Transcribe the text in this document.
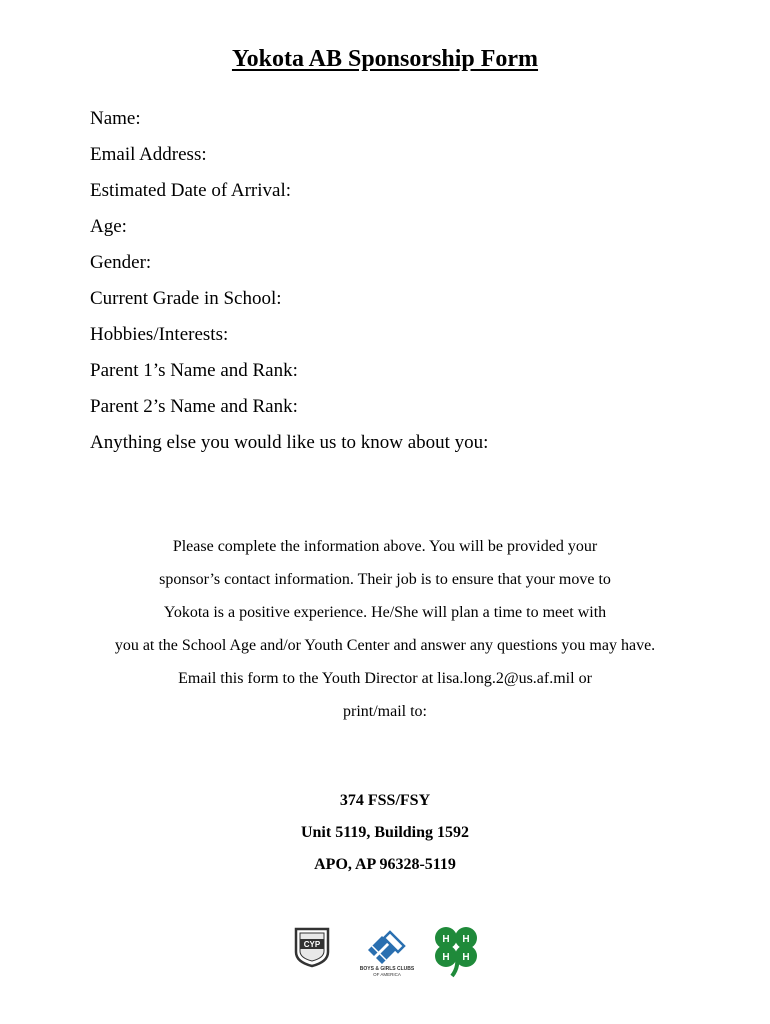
Yokota AB Sponsorship Form
Name:
Email Address:
Estimated Date of Arrival:
Age:
Gender:
Current Grade in School:
Hobbies/Interests:
Parent 1’s Name and Rank:
Parent 2’s Name and Rank:
Anything else you would like us to know about you:
Please complete the information above. You will be provided your
sponsor’s contact information. Their job is to ensure that your move to
Yokota is a positive experience. He/She will plan a time to meet with
you at the School Age and/or Youth Center and answer any questions you may have.
Email this form to the Youth Director at lisa.long.2@us.af.mil or
print/mail to:
374 FSS/FSY
Unit 5119, Building 1592
APO, AP 96328-5119
CYP
BOYS & GIRLS CLUBS
OF AMERICA
H H
H H
